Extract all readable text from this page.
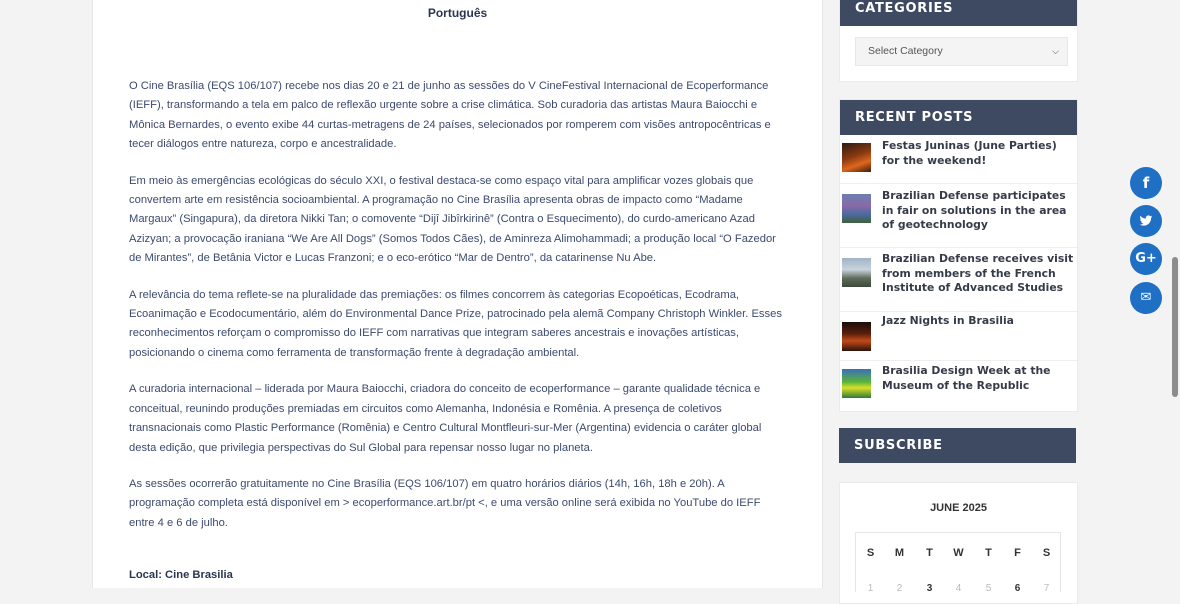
Português

O Cine Brasília (EQS 106/107) recebe nos dias 20 e 21 de junho as sessões do V CineFestival Internacional de Ecoperformance (IEFF), transformando a tela em palco de reflexão urgente sobre a crise climática. Sob curadoria das artistas Maura Baiocchi e Mônica Bernardes, o evento exibe 44 curtas-metragens de 24 países, selecionados por romperem com visões antropocêntricas e tecer diálogos entre natureza, corpo e ancestralidade.

Em meio às emergências ecológicas do século XXI, o festival destaca-se como espaço vital para amplificar vozes globais que convertem arte em resistência socioambiental. A programação no Cine Brasília apresenta obras de impacto como “Madame Margaux” (Singapura), da diretora Nikki Tan; o comovente “Dijî Jibîrkirinê” (Contra o Esquecimento), do curdo-americano Azad Azizyan; a provocação iraniana “We Are All Dogs” (Somos Todos Cães), de Aminreza Alimohammadi; a produção local “O Fazedor de Mirantes”, de Betânia Victor e Lucas Franzoni; e o eco-erótico “Mar de Dentro”, da catarinense Nu Abe.

A relevância do tema reflete-se na pluralidade das premiações: os filmes concorrem às categorias Ecopoéticas, Ecodrama, Ecoanimação e Ecodocumentário, além do Environmental Dance Prize, patrocinado pela alemã Company Christoph Winkler. Esses reconhecimentos reforçam o compromisso do IEFF com narrativas que integram saberes ancestrais e inovações artísticas, posicionando o cinema como ferramenta de transformação frente à degradação ambiental.

A curadoria internacional – liderada por Maura Baiocchi, criadora do conceito de ecoperformance – garante qualidade técnica e conceitual, reunindo produções premiadas em circuitos como Alemanha, Indonésia e Romênia. A presença de coletivos transnacionais como Plastic Performance (Romênia) e Centro Cultural Montfleuri-sur-Mer (Argentina) evidencia o caráter global desta edição, que privilegia perspectivas do Sul Global para repensar nosso lugar no planeta.

As sessões ocorrerão gratuitamente no Cine Brasília (EQS 106/107) em quatro horários diários (14h, 16h, 18h e 20h). A programação completa está disponível em > ecoperformance.art.br/pt <, e uma versão online será exibida no YouTube do IEFF entre 4 e 6 de julho.

Local: Cine Brasilia
CATEGORIES
Select Category	⌵
RECENT POSTS
Festas Juninas (June Parties) for the weekend!
Brazilian Defense participates in fair on solutions in the area of geotechnology
Brazilian Defense receives visit from members of the French Institute of Advanced Studies
Jazz Nights in Brasilia
Brasilia Design Week at the Museum of the Republic
SUBSCRIBE
JUNE 2025
S	M	T	W	T	F	S
1	2	3	4	5	6	7
f
G+
✉
